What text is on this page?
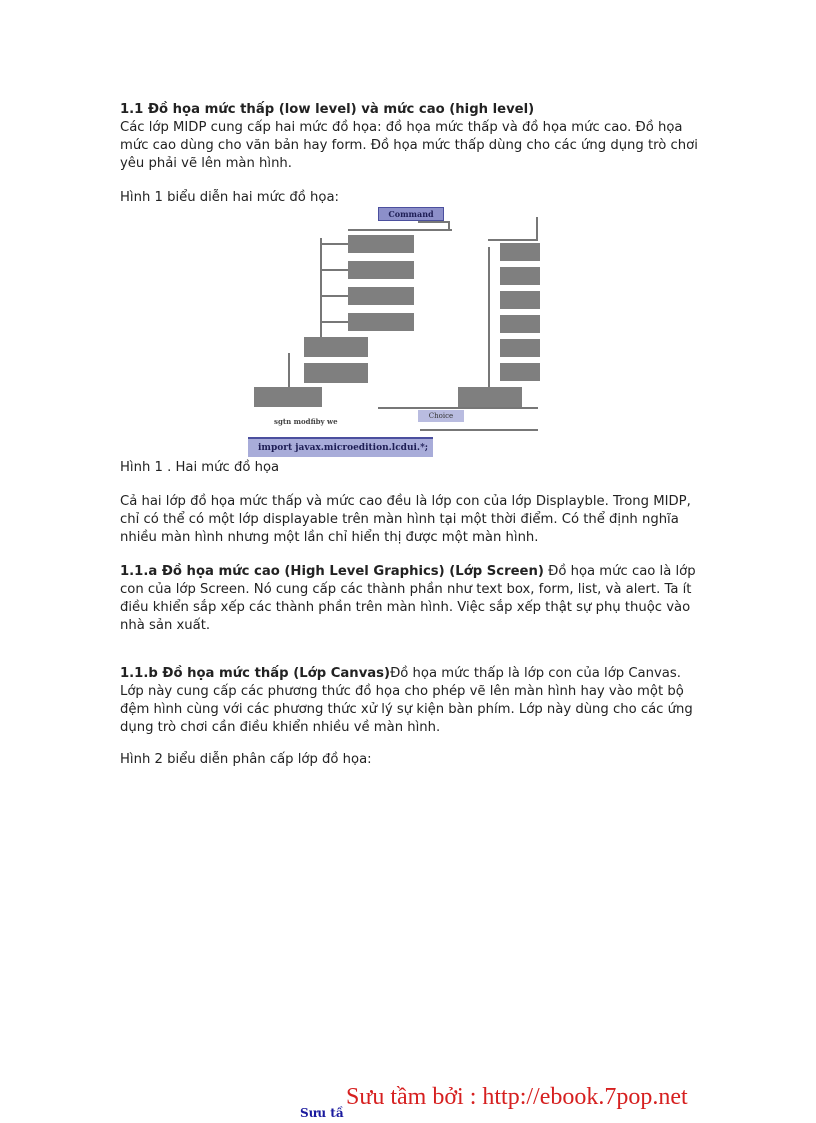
1.1 Đồ họa mức thấp (low level) và mức cao (high level)

Các lớp MIDP cung cấp hai mức đồ họa: đồ họa mức thấp và đồ họa mức cao. Đồ họa mức cao dùng cho văn bản hay form. Đồ họa mức thấp dùng cho các ứng dụng trò chơi yêu phải vẽ lên màn hình.

Hình 1 biểu diễn hai mức đồ họa:

Command
sgtn modfiby we
Choice
import javax.microedition.lcdui.*;

Hình 1 . Hai mức đồ họa

Cả hai lớp đồ họa mức thấp và mức cao đều là lớp con của lớp Displayble. Trong MIDP, chỉ có thể có một lớp displayable trên màn hình tại một thời điểm. Có thể định nghĩa nhiều màn hình nhưng một lần chỉ hiển thị được một màn hình.

1.1.a Đồ họa mức cao (High Level Graphics) (Lớp Screen) Đồ họa mức cao là lớp con của lớp Screen. Nó cung cấp các thành phần như text box, form, list, và alert. Ta ít điều khiển sắp xếp các thành phần trên màn hình. Việc sắp xếp thật sự phụ thuộc vào nhà sản xuất.

1.1.b Đồ họa mức thấp (Lớp Canvas)Đồ họa mức thấp là lớp con của lớp Canvas. Lớp này cung cấp các phương thức đồ họa cho phép vẽ lên màn hình hay vào một bộ đệm hình cùng với các phương thức xử lý sự kiện bàn phím. Lớp này dùng cho các ứng dụng trò chơi cần điều khiển nhiều về màn hình.

Hình 2 biểu diễn phân cấp lớp đồ họa:

Sưu tầ
Sưu tầm bởi : http://ebook.7pop.net
